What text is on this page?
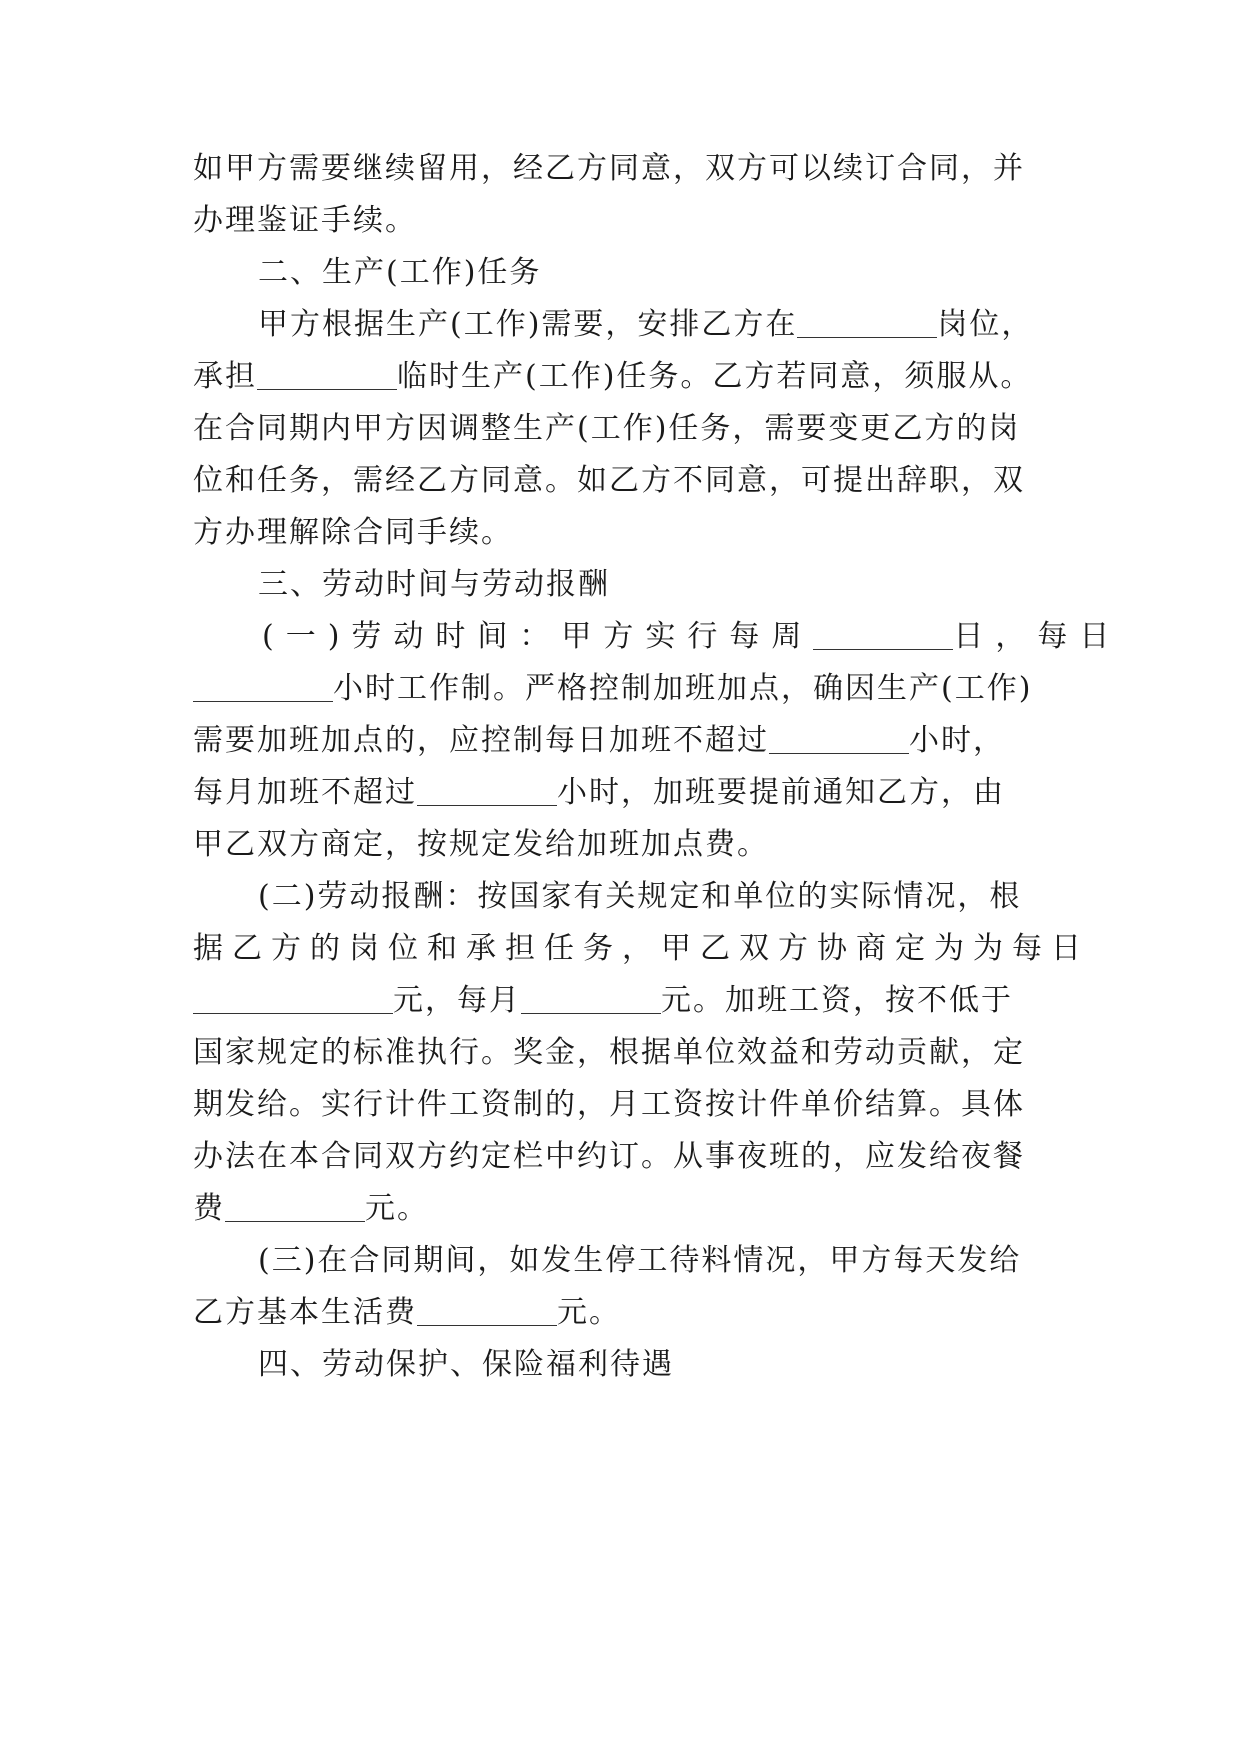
如甲方需要继续留用，经乙方同意，双方可以续订合同，并
办理鉴证手续。
二、生产(工作)任务
甲方根据生产(工作)需要，安排乙方在	岗位，
承担	临时生产(工作)任务。乙方若同意，须服从。
在合同期内甲方因调整生产(工作)任务，需要变更乙方的岗
位和任务，需经乙方同意。如乙方不同意，可提出辞职，双
方办理解除合同手续。
三、劳动时间与劳动报酬
(一)劳动时间：甲方实行每周	日，每日
小时工作制。严格控制加班加点，确因生产(工作)
需要加班加点的，应控制每日加班不超过	小时，
每月加班不超过	小时，加班要提前通知乙方，由
甲乙双方商定，按规定发给加班加点费。
(二)劳动报酬：按国家有关规定和单位的实际情况，根
据乙方的岗位和承担任务，甲乙双方协商定为为每日
元，每月	元。加班工资，按不低于
国家规定的标准执行。奖金，根据单位效益和劳动贡献，定
期发给。实行计件工资制的，月工资按计件单价结算。具体
办法在本合同双方约定栏中约订。从事夜班的，应发给夜餐
费	元。
(三)在合同期间，如发生停工待料情况，甲方每天发给
乙方基本生活费	元。
四、劳动保护、保险福利待遇
